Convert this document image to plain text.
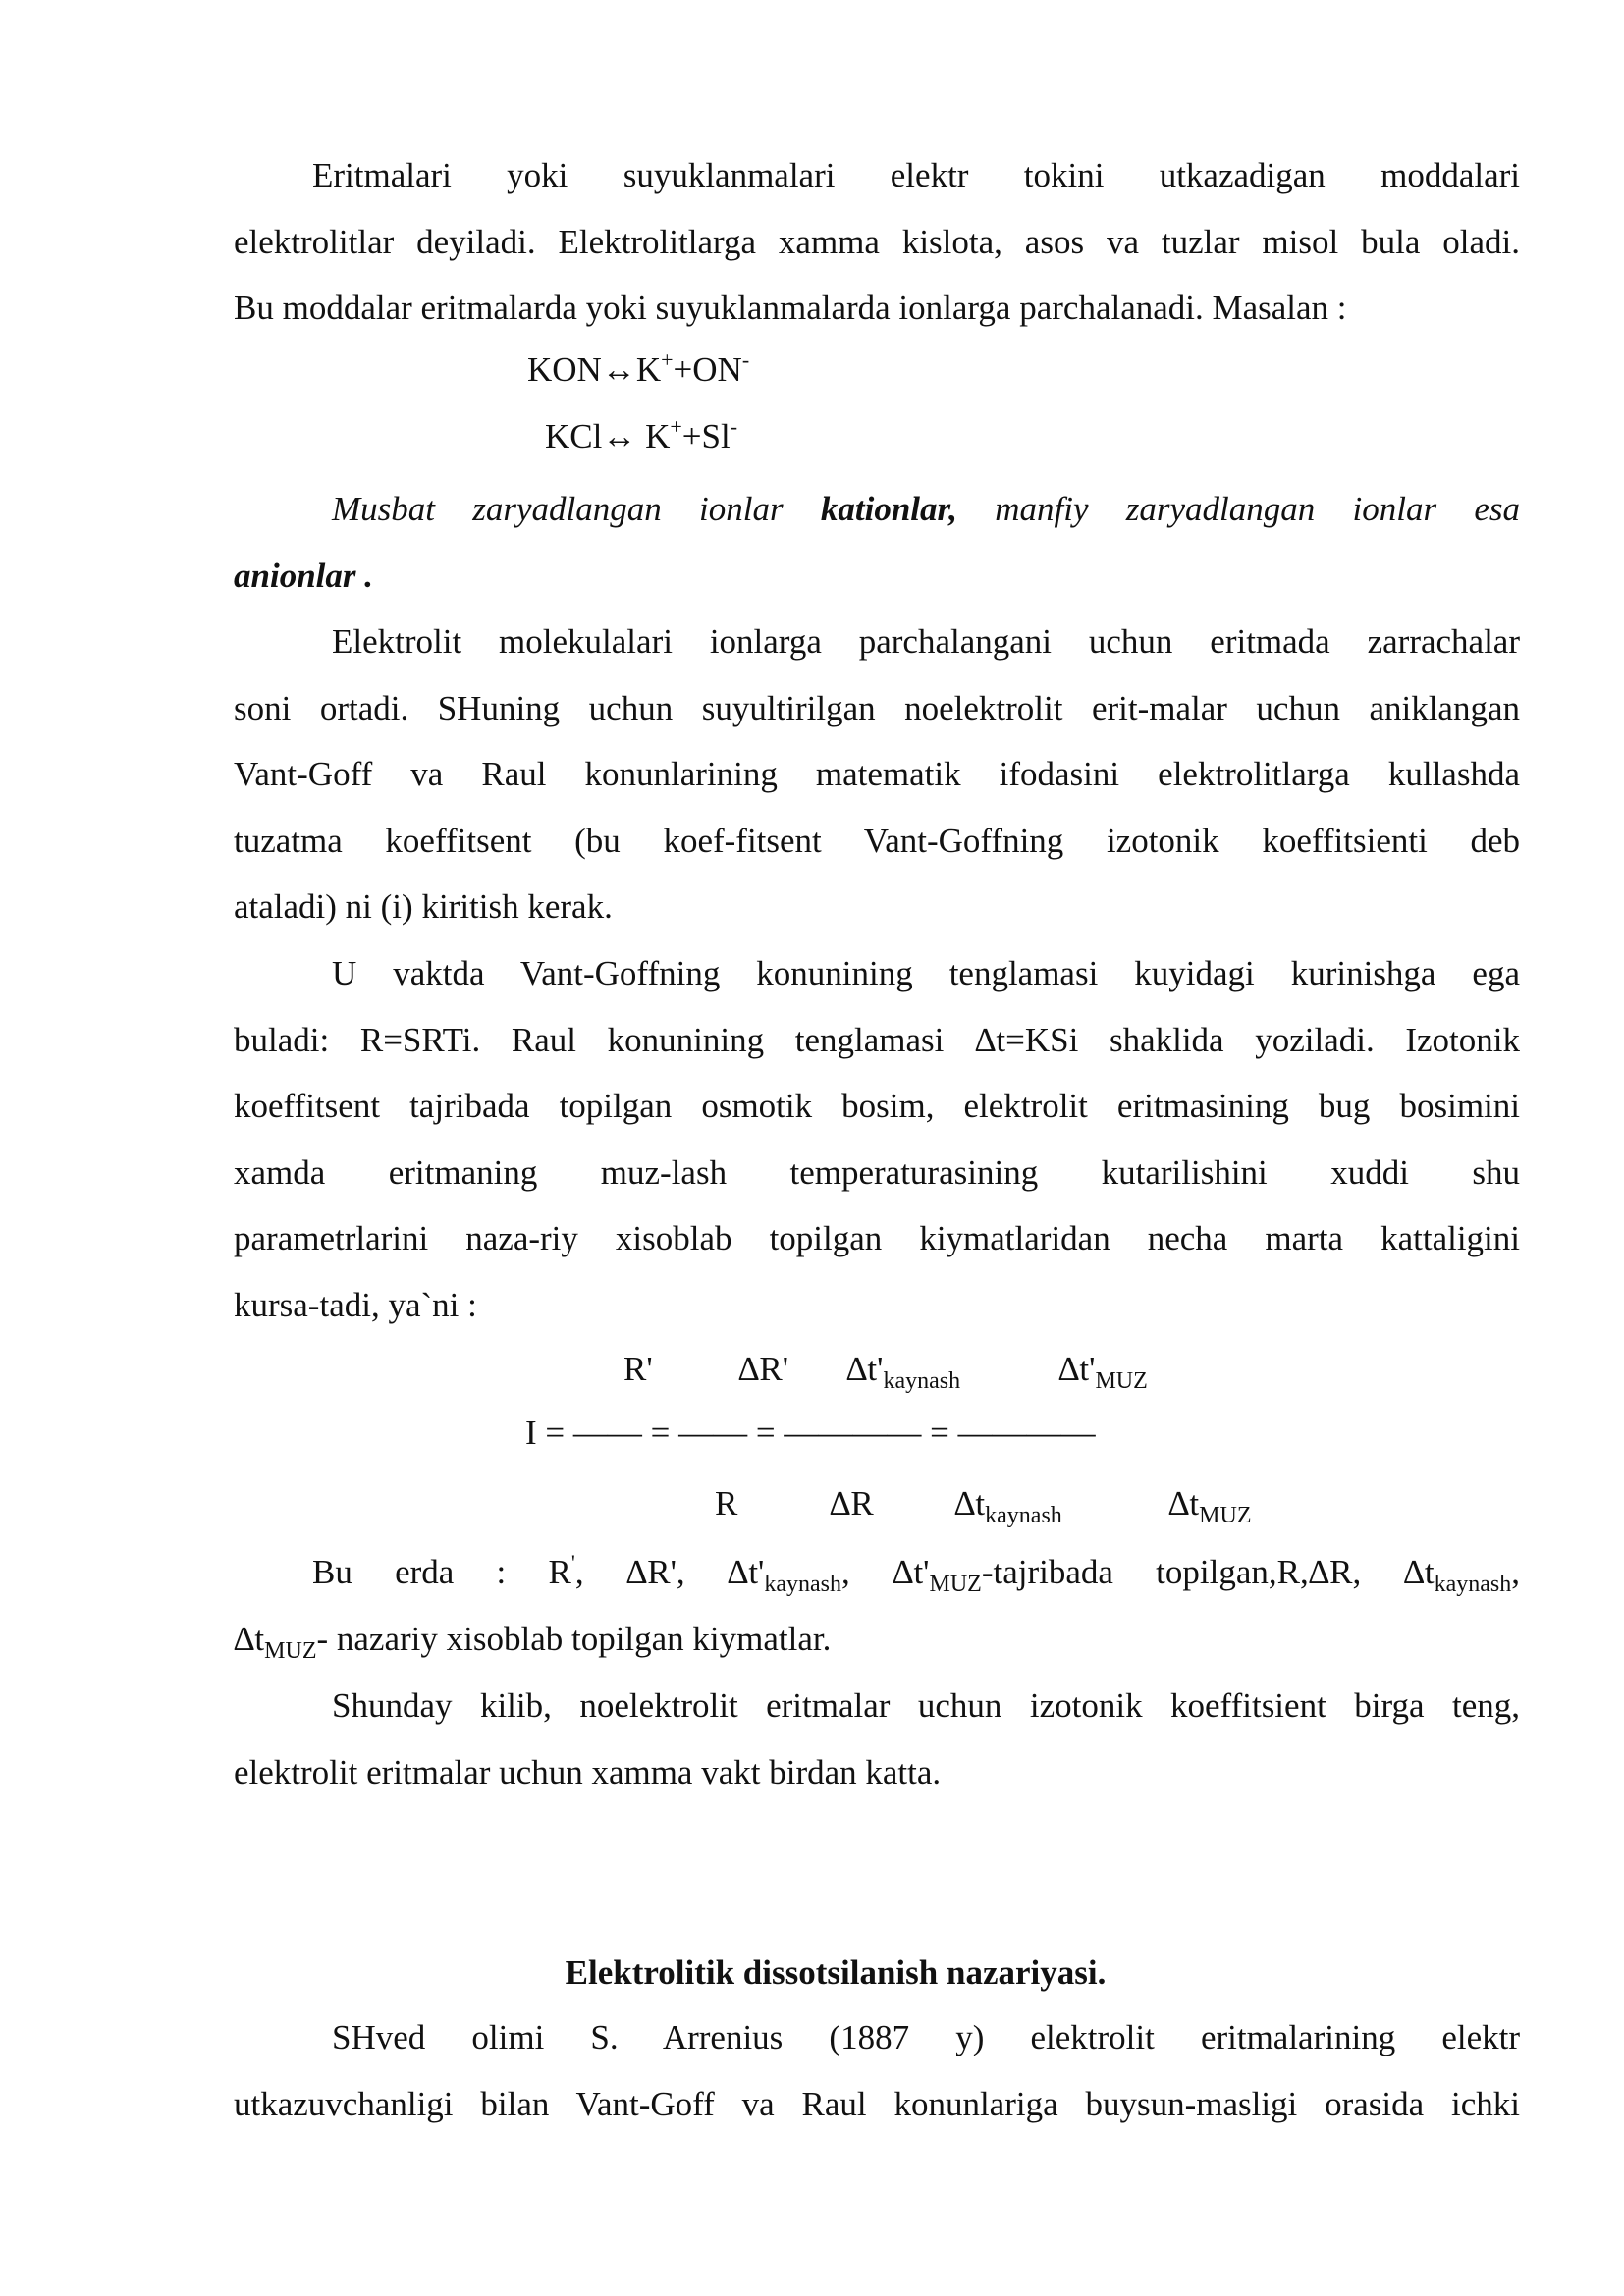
Eritmalari yoki suyuklanmalari elektr tokini utkazadigan moddalari
elektrolitlar deyiladi. Elektrolitlarga xamma kislota, asos va tuzlar misol bula oladi.
Bu moddalar eritmalarda yoki suyuklanmalarda ionlarga parchalanadi. Masalan :
KON↔K++ON-
KCl↔ K++Sl-
Musbat zaryadlangan ionlar kationlar, manfiy zaryadlangan ionlar esa
anionlar .
Elektrolit molekulalari ionlarga parchalangani uchun eritmada zarrachalar
soni ortadi. SHuning uchun suyultirilgan noelektrolit erit-malar uchun aniklangan
Vant-Goff va Raul konunlarining matematik ifodasini elektrolitlarga kullashda
tuzatma koeffitsent (bu koef-fitsent Vant-Goffning izotonik koeffitsienti deb
ataladi) ni (i) kiritish kerak.
U vaktda Vant-Goffning konunining tenglamasi kuyidagi kurinishga ega
buladi: R=SRTi. Raul konunining tenglamasi ∆t=KSi shaklida yoziladi. Izotonik
koeffitsent tajribada topilgan osmotik bosim, elektrolit eritmasining bug bosimini
xamda eritmaning muz-lash temperaturasining kutarilishini xuddi shu
parametrlarini naza-riy xisoblab topilgan kiymatlaridan necha marta kattaligini
kursa-tadi, ya`ni :
R' ∆R' $\Delta t'_{kaynash}$	$\Delta t'_{MUZ}$
I = —— = —— = ———— = ————
R	∆R $\Delta t_{kaynash}$	$\Delta t_{MUZ}$
Bu erda : R', ∆R', $\Delta t'_{kaynash}$, $\Delta t'_{MUZ}$-tajribada topilgan,R,∆R, $\Delta t_{kaynash}$,
$\Delta t_{MUZ}-$ nazariy xisoblab topilgan kiymatlar.
Shunday kilib, noelektrolit eritmalar uchun izotonik koeffitsient birga teng,
elektrolit eritmalar uchun xamma vakt birdan katta.
Elektrolitik dissotsilanish nazariyasi.
SHved olimi S. Arrenius (1887 y) elektrolit eritmalarining elektr
utkazuvchanligi bilan Vant-Goff va Raul konunlariga buysun-masligi orasida ichki
